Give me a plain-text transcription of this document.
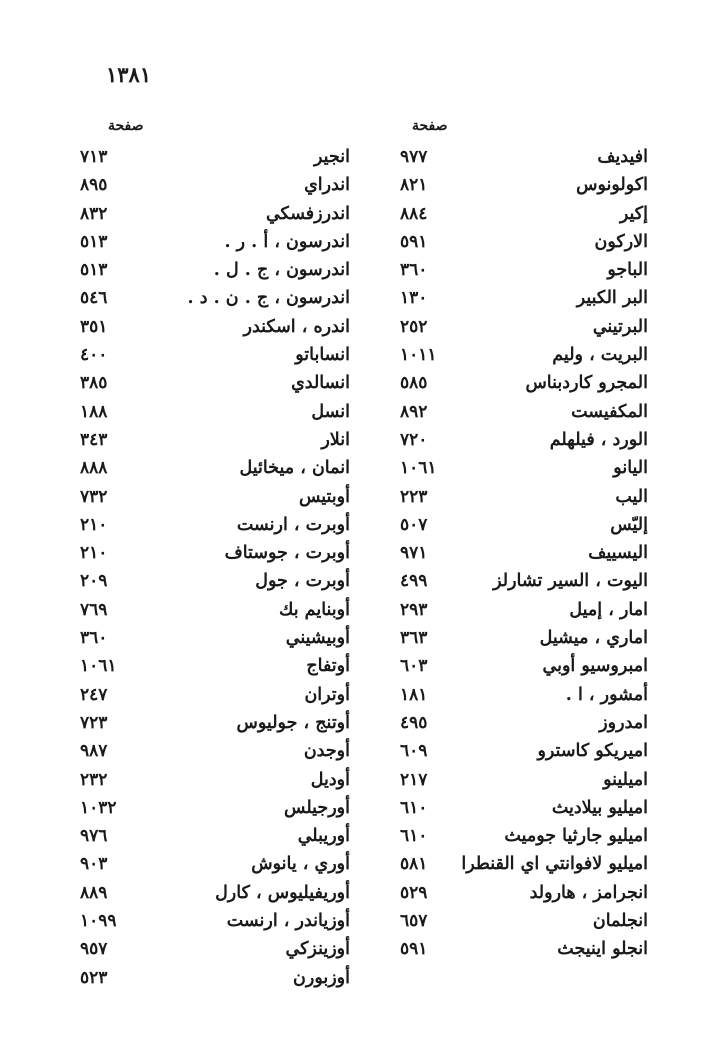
١٣٨١
صفحة	صفحة
افيديف
٩٧٧
اكولونوس
٨٢١
إكير
٨٨٤
الاركون
٥٩١
الباجو
٣٦٠
البر الكبير
١٣٠
البرتيني
٢٥٢
البريت ، وليم
١٠١١
المجرو كاردبناس
٥٨٥
المكفيست
٨٩٢
الورد ، فيلهلم
٧٢٠
اليانو
١٠٦١
اليب
٢٢٣
إليّس
٥٠٧
اليسييف
٩٧١
اليوت ، السير تشارلز
٤٩٩
امار ، إميل
٢٩٣
اماري ، ميشيل
٣٦٣
امبروسيو أوبي
٦٠٣
أمشور ، ا .
١٨١
امدروز
٤٩٥
اميريكو كاسترو
٦٠٩
اميلينو
٢١٧
اميليو بيلاديث
٦١٠
اميليو جارثيا جوميث
٦١٠
اميليو لافوانتي اي القنطرا
٥٨١
انجرامز ، هارولد
٥٢٩
انجلمان
٦٥٧
انجلو اينيجث
٥٩١
انجير
٧١٣
اندراي
٨٩٥
اندرزفسكي
٨٣٢
اندرسون ، أ . ر .
٥١٣
اندرسون ، ج . ل .
٥١٣
اندرسون ، ج . ن . د .
٥٤٦
اندره ، اسكندر
٣٥١
انساباتو
٤٠٠
انسالدي
٣٨٥
انسل
١٨٨
انلار
٣٤٣
انمان ، ميخائيل
٨٨٨
أوبتيس
٧٣٢
أوبرت ، ارنست
٢١٠
أوبرت ، جوستاف
٢١٠
أوبرت ، جول
٢٠٩
أوبنايم بك
٧٦٩
أوبيشيني
٣٦٠
أوتفاج
١٠٦١
أوتران
٢٤٧
أوتنج ، جوليوس
٧٢٣
أوجدن
٩٨٧
أوديل
٢٣٢
أورجيلس
١٠٣٢
أوريبلي
٩٧٦
أوري ، يانوش
٩٠٣
أوريفيليوس ، كارل
٨٨٩
أوزياندر ، ارنست
١٠٩٩
أوزينزكي
٩٥٧
أوزبورن
٥٢٣
